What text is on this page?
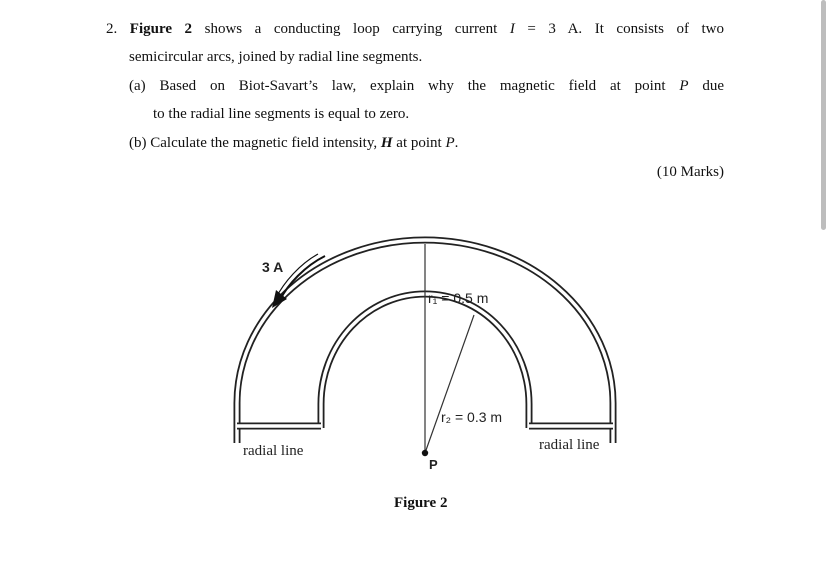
2. Figure 2 shows a conducting loop carrying current I = 3 A. It consists of two
semicircular arcs, joined by radial line segments.
(a) Based on Biot-Savart’s law, explain why the magnetic field at point P due
to the radial line segments is equal to zero.
(b) Calculate the magnetic field intensity, H at point P.
(10 Marks)
3 A
r₁ = 0.5 m
r₂ = 0.3 m
radial line	radial line
P
Figure 2
